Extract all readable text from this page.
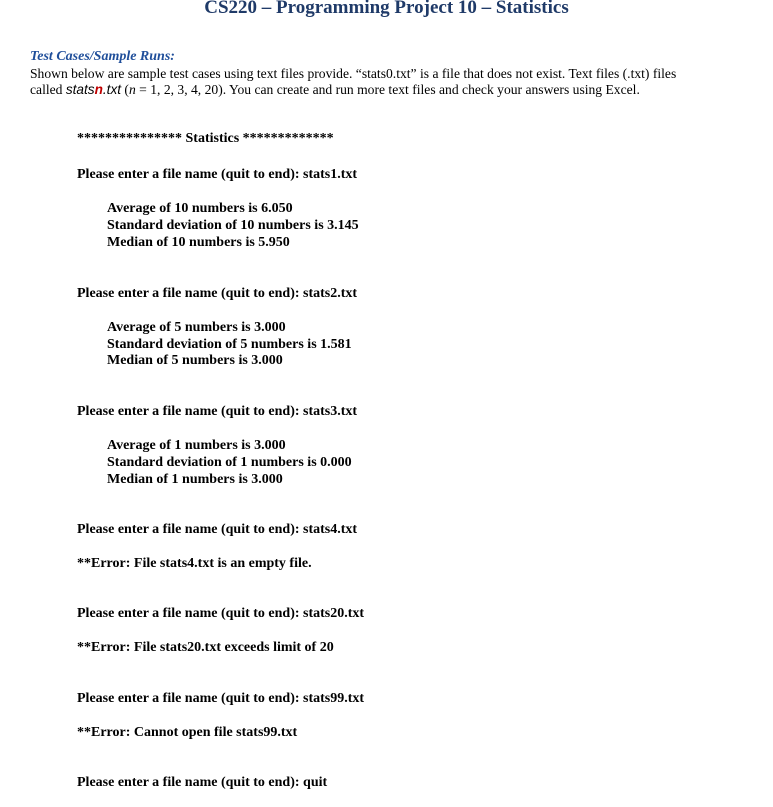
CS220 – Programming Project 10 – Statistics
Test Cases/Sample Runs:
Shown below are sample test cases using text files provide. “stats0.txt” is a file that does not exist. Text files (.txt) files
called statsn.txt (n = 1, 2, 3, 4, 20). You can create and run more text files and check your answers using Excel.
*************** Statistics *************
Please enter a file name (quit to end): stats1.txt
Average of 10 numbers is 6.050
Standard deviation of 10 numbers is 3.145
Median of 10 numbers is 5.950
Please enter a file name (quit to end): stats2.txt
Average of 5 numbers is 3.000
Standard deviation of 5 numbers is 1.581
Median of 5 numbers is 3.000
Please enter a file name (quit to end): stats3.txt
Average of 1 numbers is 3.000
Standard deviation of 1 numbers is 0.000
Median of 1 numbers is 3.000
Please enter a file name (quit to end): stats4.txt
**Error: File stats4.txt is an empty file.
Please enter a file name (quit to end): stats20.txt
**Error: File stats20.txt exceeds limit of 20
Please enter a file name (quit to end): stats99.txt
**Error: Cannot open file stats99.txt
Please enter a file name (quit to end): quit
